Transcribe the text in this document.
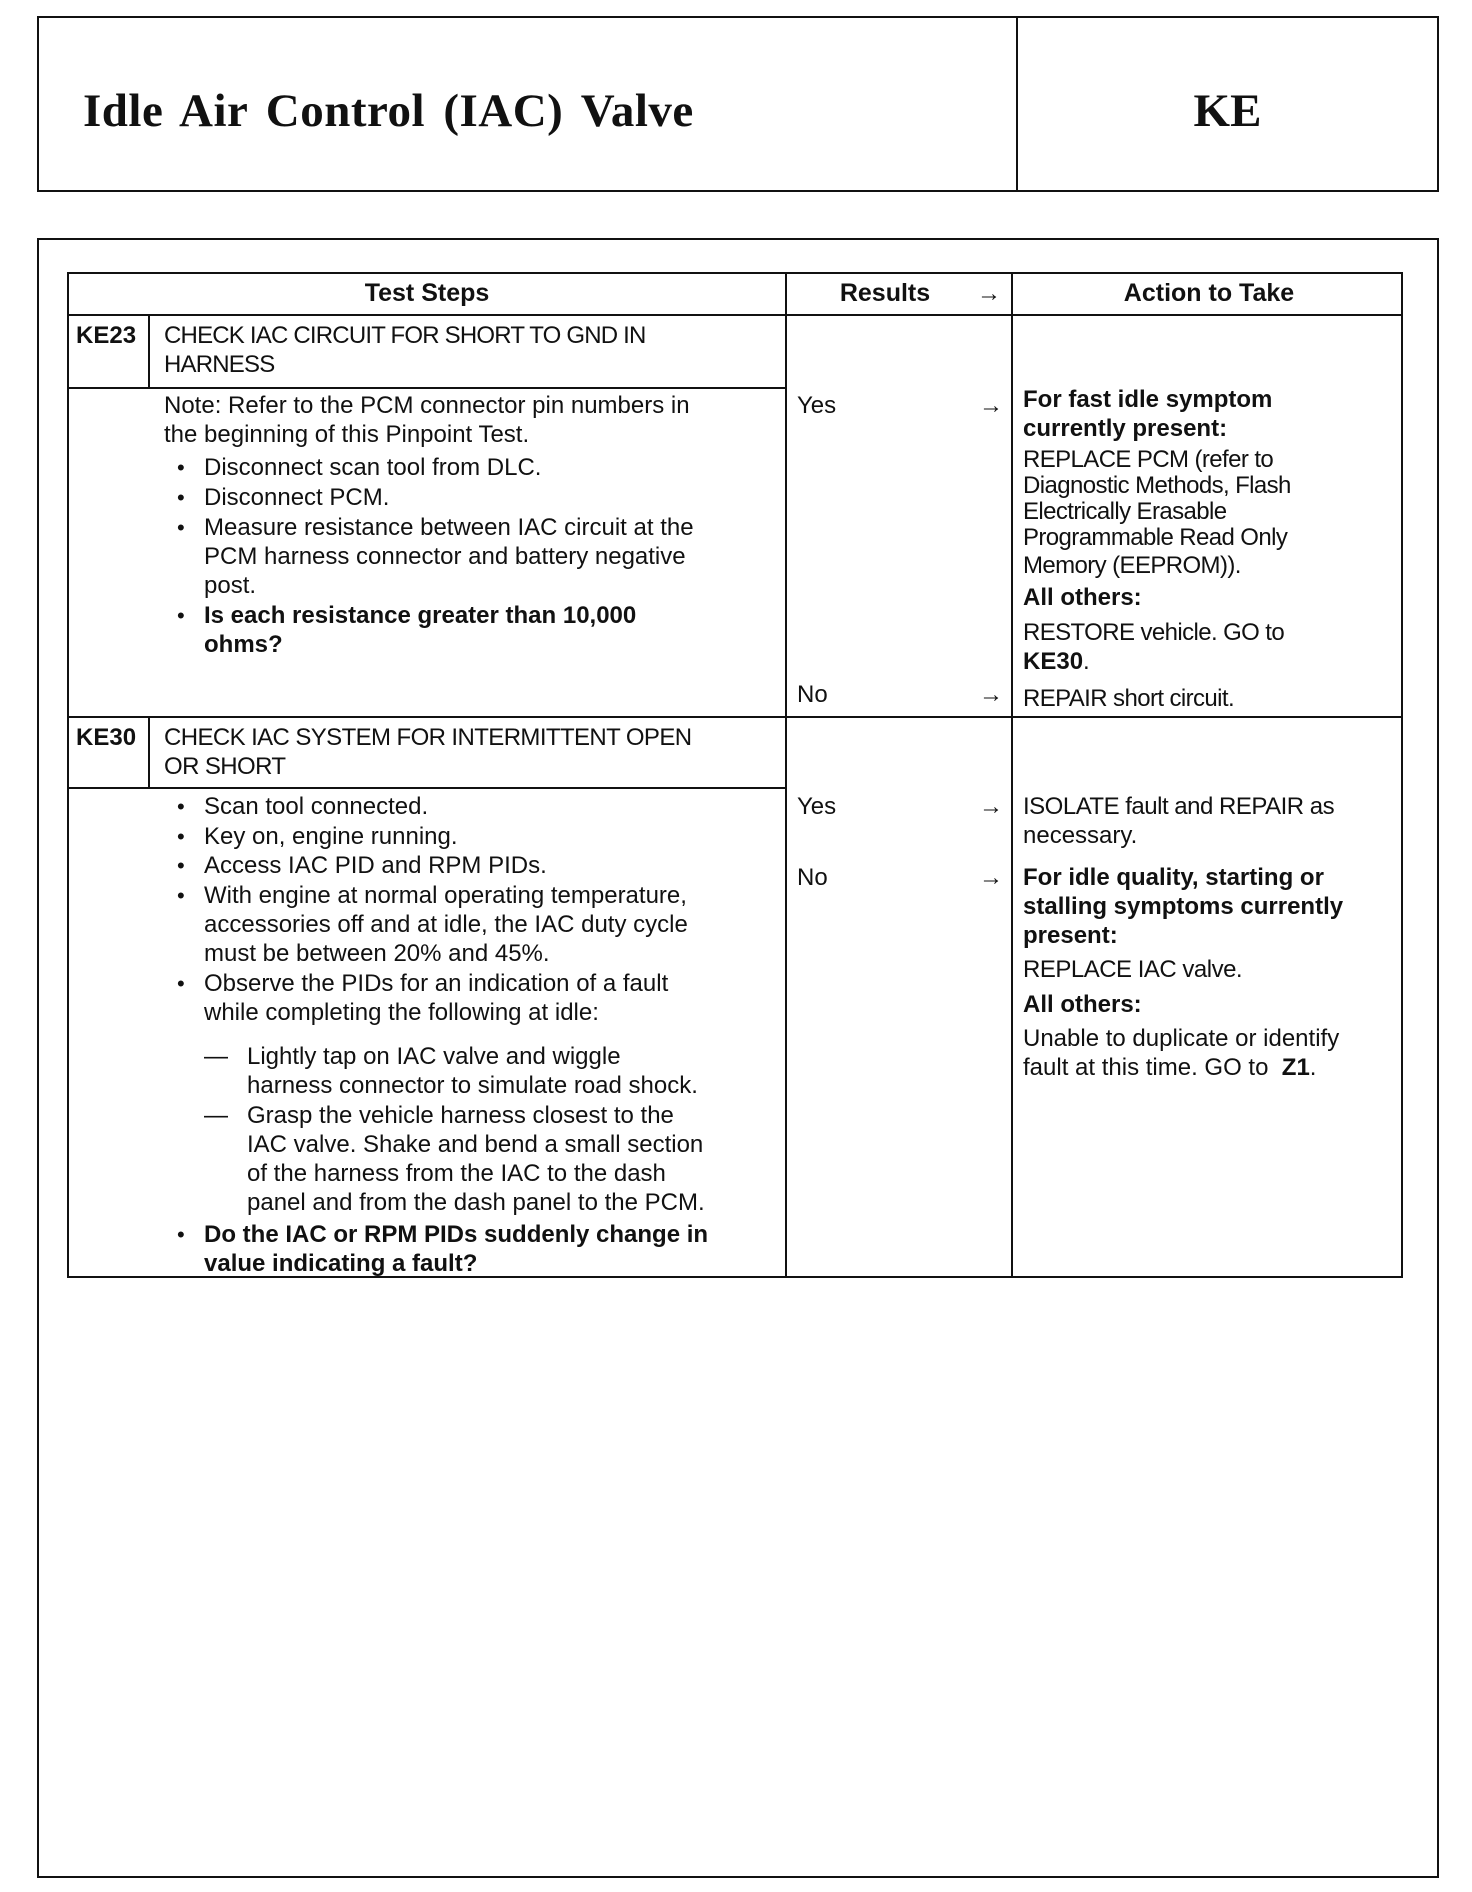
Idle Air Control (IAC) Valve	KE
Test Steps	Results	→	Action to Take
KE23 CHECK IAC CIRCUIT FOR SHORT TO GND IN
HARNESS
Note: Refer to the PCM connector pin numbers in
the beginning of this Pinpoint Test.
• Disconnect scan tool from DLC.
• Disconnect PCM.
• Measure resistance between IAC circuit at the
PCM harness connector and battery negative
post.
• Is each resistance greater than 10,000
ohms?
Yes	→ For fast idle symptom
currently present:
REPLACE PCM (refer to
Diagnostic Methods, Flash
Electrically Erasable
Programmable Read Only
Memory (EEPROM)).
All others:
RESTORE vehicle. GO to
KE30.
No	→ REPAIR short circuit.
KE30 CHECK IAC SYSTEM FOR INTERMITTENT OPEN
OR SHORT
• Scan tool connected.
• Key on, engine running.
• Access IAC PID and RPM PIDs.
• With engine at normal operating temperature,
accessories off and at idle, the IAC duty cycle
must be between 20% and 45%.
• Observe the PIDs for an indication of a fault
while completing the following at idle:
— Lightly tap on IAC valve and wiggle
harness connector to simulate road shock.
— Grasp the vehicle harness closest to the
IAC valve. Shake and bend a small section
of the harness from the IAC to the dash
panel and from the dash panel to the PCM.
• Do the IAC or RPM PIDs suddenly change in
value indicating a fault?
Yes	→ ISOLATE fault and REPAIR as
necessary.
No	→ For idle quality, starting or
stalling symptoms currently
present:
REPLACE IAC valve.
All others:
Unable to duplicate or identify
fault at this time. GO to Z1.
